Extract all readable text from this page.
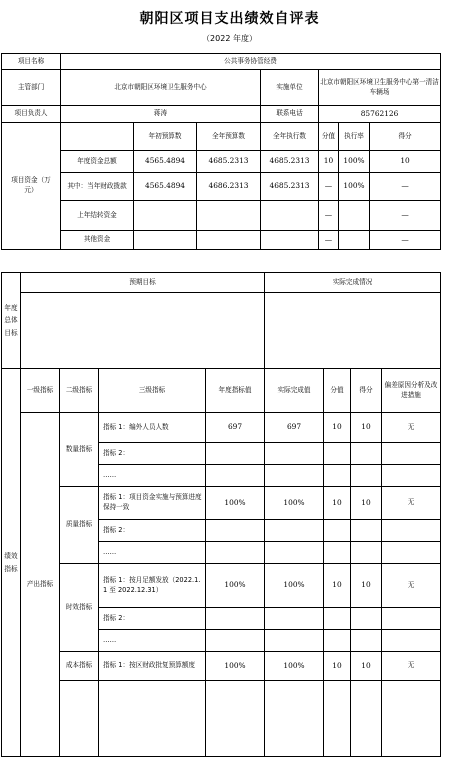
朝阳区项目支出绩效自评表
（2022 年度）
项目名称	公共事务协管经费						
主管部门	北京市朝阳区环境卫生服务中心			实施单位	北京市朝阳区环境卫生服务中心第一清洁车辆场		
项目负责人	蒋涛			联系电话	85762126		
项目资金（万元）		年初预算数	全年预算数	全年执行数	分值	执行率	得分
	年度资金总额	4565.4894	4685.2313	4685.2313	10	100%	10
	其中：当年财政拨款	4565.4894	4686.2313	4685.2313	—	100%	—
	上年结转资金				—		—
	其他资金				—		—
年度总体目标	预期目标				实际完成情况			

绩效指标	一级指标	二级指标	三级指标	年度指标值	实际完成值	分值	得分	偏差原因分析及改进措施
	产出指标	数量指标	指标 1：编外人员人数	697	697	10	10	无
			指标 2：					
			……					
		质量指标	指标 1：项目资金实施与预算进度保持一致	100%	100%	10	10	无
			指标 2：					
			……					
		时效指标	指标 1：按月足额发放（2022.1.1 至 2022.12.31）	100%	100%	10	10	无
			指标 2：					
			……					
		成本指标	指标 1：按区财政批复预算额度	100%	100%	10	10	无
